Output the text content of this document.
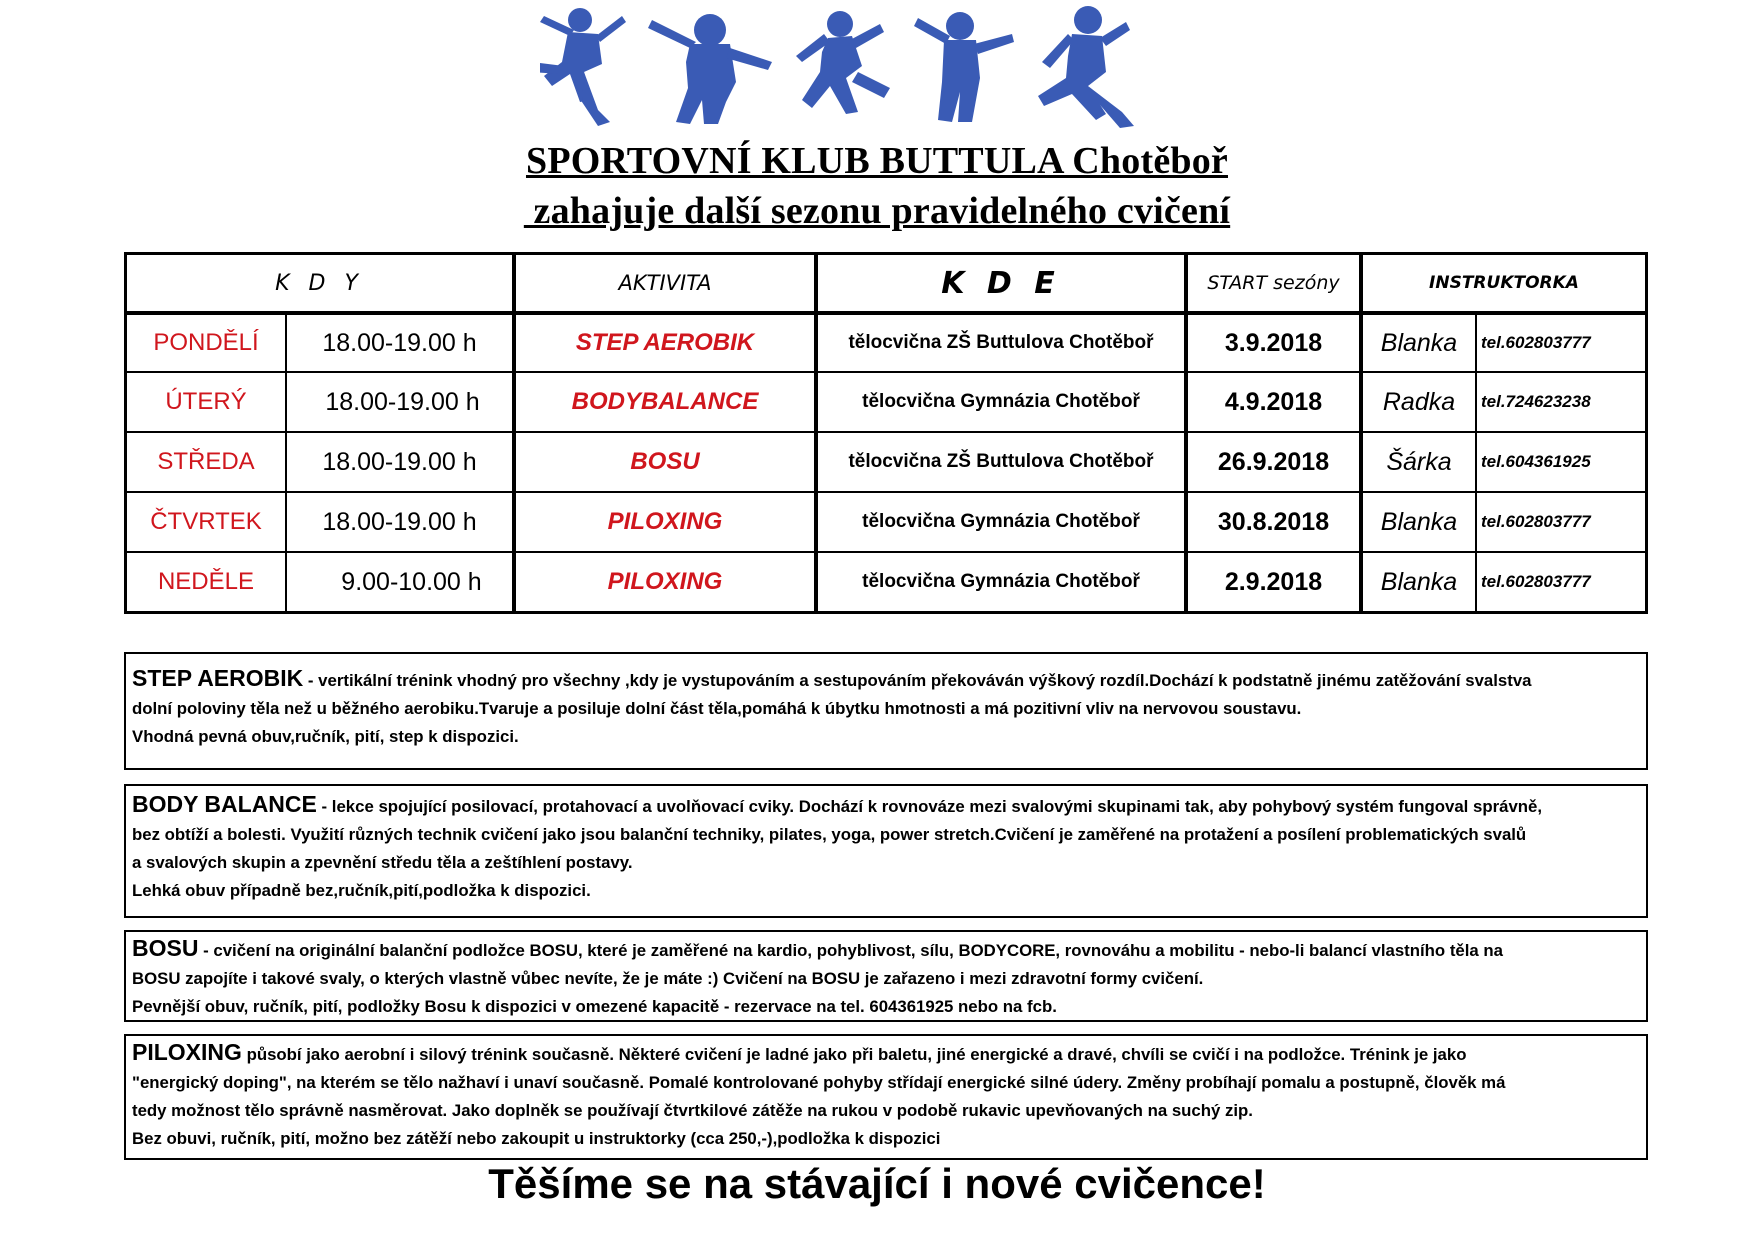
SPORTOVNÍ KLUB BUTTULA Chotěboř
zahajuje další sezonu pravidelného cvičení
K D Y	AKTIVITA	K D E	START sezóny	INSTRUKTORKA
PONDĚLÍ	18.00-19.00 h	STEP AEROBIK	tělocvična ZŠ Buttulova Chotěboř	3.9.2018	Blanka	tel.602803777
ÚTERÝ	18.00-19.00 h	BODYBALANCE	tělocvična Gymnázia Chotěboř	4.9.2018	Radka	tel.724623238
STŘEDA	18.00-19.00 h	BOSU	tělocvična ZŠ Buttulova Chotěboř	26.9.2018	Šárka	tel.604361925
ČTVRTEK	18.00-19.00 h	PILOXING	tělocvična Gymnázia Chotěboř	30.8.2018	Blanka	tel.602803777
NEDĚLE	9.00-10.00 h	PILOXING	tělocvična Gymnázia Chotěboř	2.9.2018	Blanka	tel.602803777
STEP AEROBIK - vertikální trénink vhodný pro všechny ,kdy je vystupováním a sestupováním překováván výškový rozdíl.Dochází k podstatně jinému zatěžování svalstva
dolní poloviny těla než u běžného aerobiku.Tvaruje a posiluje dolní část těla,pomáhá k úbytku hmotnosti a má pozitivní vliv na nervovou soustavu.
Vhodná pevná obuv,ručník, pití, step k dispozici.
BODY BALANCE - lekce spojující posilovací, protahovací a uvolňovací cviky. Dochází k rovnováze mezi svalovými skupinami tak, aby pohybový systém fungoval správně,
bez obtíží a bolesti. Využití různých technik cvičení jako jsou balanční techniky, pilates, yoga, power stretch.Cvičení je zaměřené na protažení a posílení problematických svalů
a svalových skupin a zpevnění středu těla a zeštíhlení postavy.
Lehká obuv případně bez,ručník,pití,podložka k dispozici.
BOSU - cvičení na originální balanční podložce BOSU, které je zaměřené na kardio, pohyblivost, sílu, BODYCORE, rovnováhu a mobilitu - nebo-li balancí vlastního těla na
BOSU zapojíte i takové svaly, o kterých vlastně vůbec nevíte, že je máte :) Cvičení na BOSU je zařazeno i mezi zdravotní formy cvičení.
Pevnější obuv, ručník, pití, podložky Bosu k dispozici v omezené kapacitě - rezervace na tel. 604361925 nebo na fcb.
PILOXING působí jako aerobní i silový trénink současně. Některé cvičení je ladné jako při baletu, jiné energické a dravé, chvíli se cvičí i na podložce. Trénink je jako
"energický doping", na kterém se tělo nažhaví i unaví současně. Pomalé kontrolované pohyby střídají energické silné údery. Změny probíhají pomalu a postupně, člověk má
tedy možnost tělo správně nasměrovat. Jako doplněk se používají čtvrtkilové zátěže na rukou v podobě rukavic upevňovaných na suchý zip.
Bez obuvi, ručník, pití, možno bez zátěží nebo zakoupit u instruktorky (cca 250,-),podložka k dispozici
Těšíme se na stávající i nové cvičence!
